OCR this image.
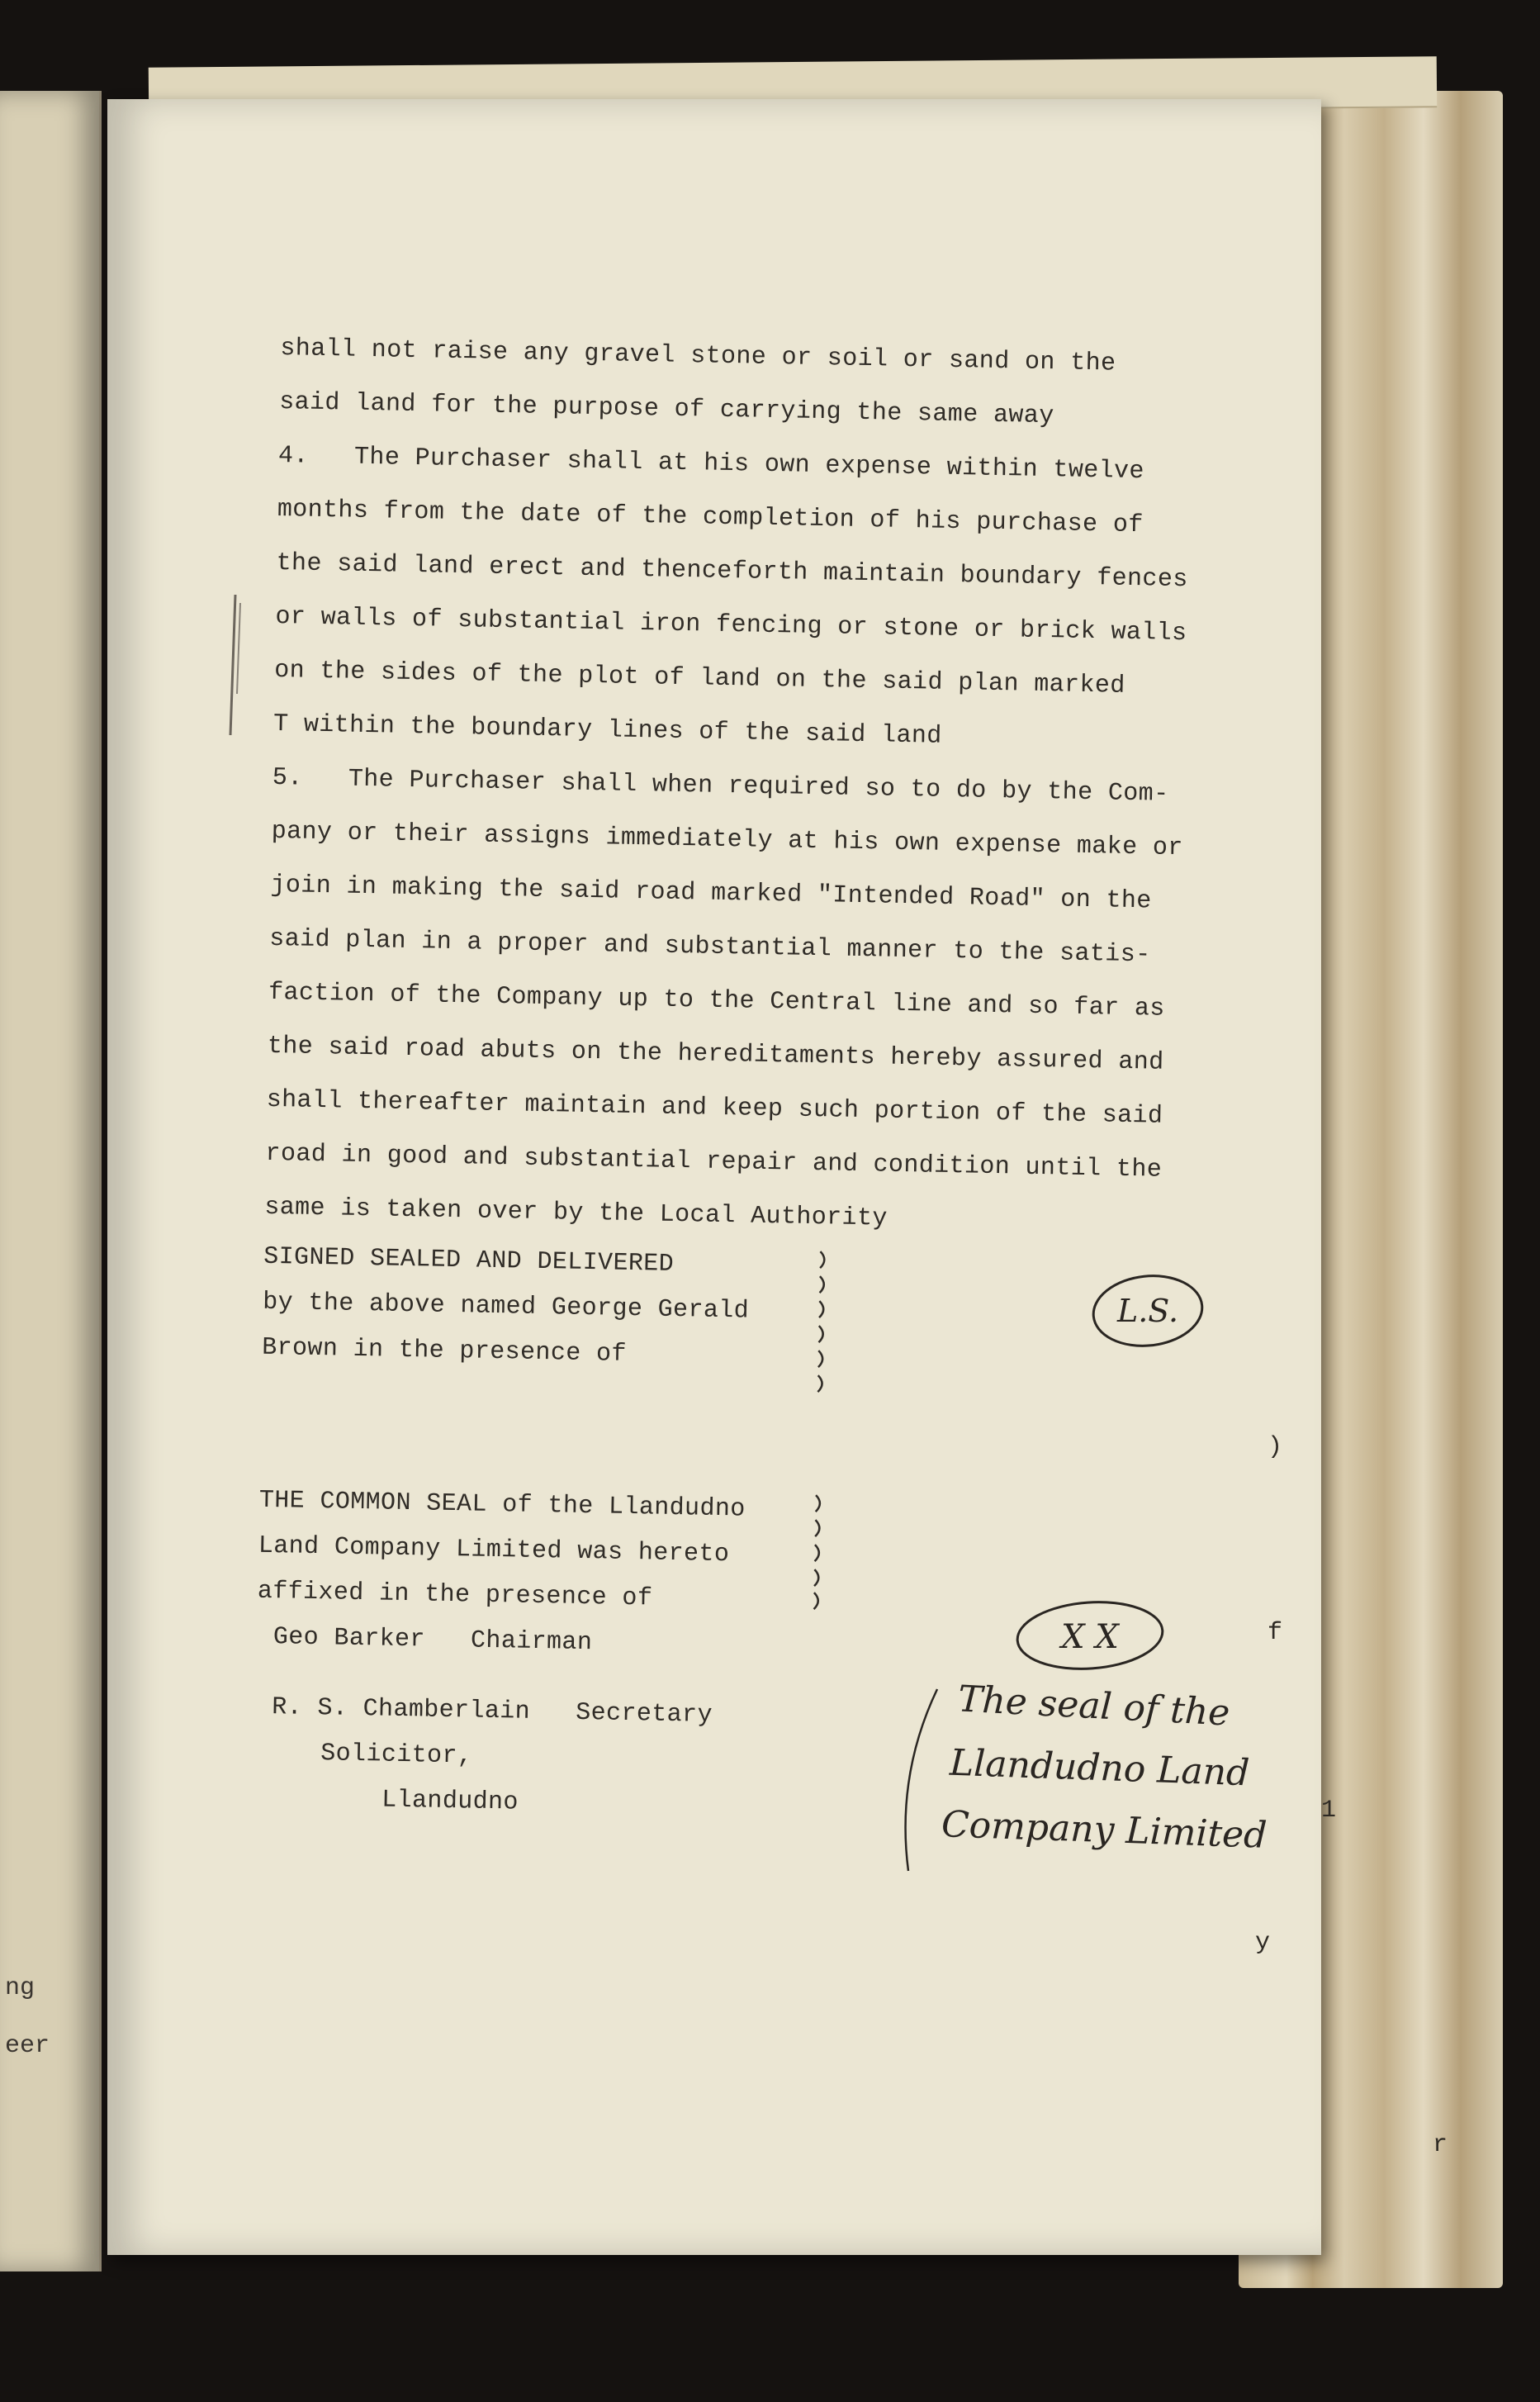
ng
eer
)
f
1
y
r
shall not raise any gravel stone or soil or sand on the
said land for the purpose of carrying the same away
4.   The Purchaser shall at his own expense within twelve
months from the date of the completion of his purchase of
the said land erect and thenceforth maintain boundary fences
or walls of substantial iron fencing or stone or brick walls
on the sides of the plot of land on the said plan marked
T within the boundary lines of the said land
5.   The Purchaser shall when required so to do by the Com-
pany or their assigns immediately at his own expense make or
join in making the said road marked "Intended Road" on the
said plan in a proper and substantial manner to the satis-
faction of the Company up to the Central line and so far as
the said road abuts on the hereditaments hereby assured and
shall thereafter maintain and keep such portion of the said
road in good and substantial repair and condition until the
same is taken over by the Local Authority
SIGNED SEALED AND DELIVERED
by the above named George Gerald
Brown in the presence of
THE COMMON SEAL of the Llandudno
Land Company Limited was hereto
affixed in the presence of
Geo Barker   Chairman
R. S. Chamberlain   Secretary
Solicitor,
Llandudno
L.S.
X X
The seal of the
Llandudno Land
Company Limited
